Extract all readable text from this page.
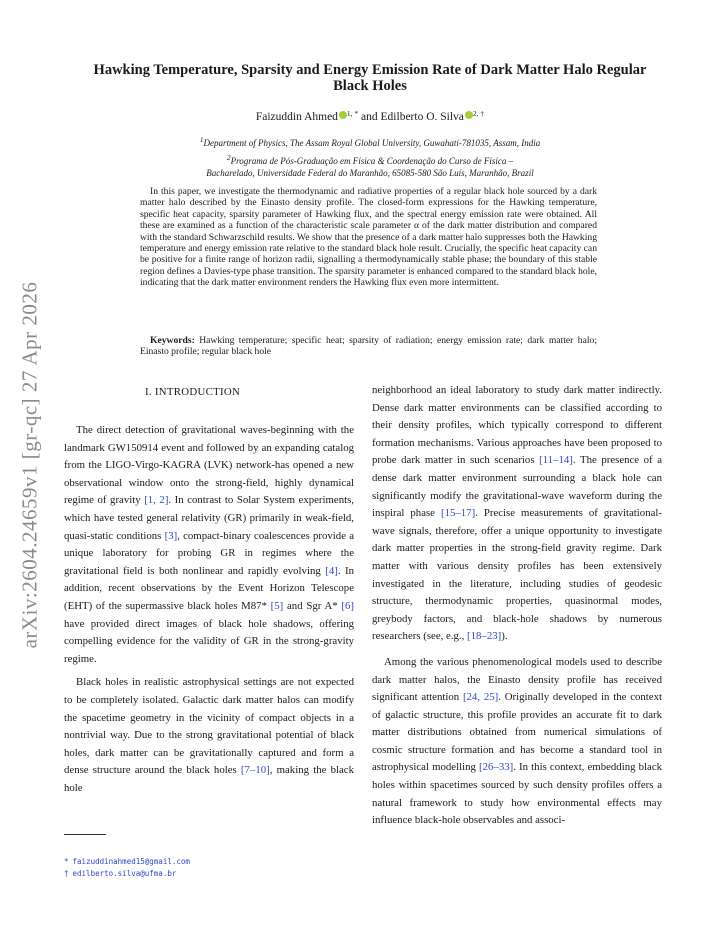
arXiv:2604.24659v1 [gr-qc] 27 Apr 2026
Hawking Temperature, Sparsity and Energy Emission Rate of Dark Matter Halo Regular Black Holes
Faizuddin Ahmed $^{1, *}$ and Edilberto O. Silva $^{2, \dagger}$
$^1$Department of Physics, The Assam Royal Global University, Guwahati-781035, Assam, India
$^2$Programa de Pós-Graduação em Física & Coordenação do Curso de Física –
Bacharelado, Universidade Federal do Maranhão, 65085-580 São Luís, Maranhão, Brazil
In this paper, we investigate the thermodynamic and radiative properties of a regular black hole sourced by a dark matter halo described by the Einasto density profile. The closed-form expressions for the Hawking temperature, specific heat capacity, sparsity parameter of Hawking flux, and the spectral energy emission rate were obtained. All these are examined as a function of the characteristic scale parameter α of the dark matter distribution and compared with the standard Schwarzschild results. We show that the presence of a dark matter halo suppresses both the Hawking temperature and energy emission rate relative to the standard black hole result. Crucially, the specific heat capacity can be positive for a finite range of horizon radii, signalling a thermodynamically stable phase; the boundary of this stable region defines a Davies-type phase transition. The sparsity parameter is enhanced compared to the standard black hole, indicating that the dark matter environment renders the Hawking flux even more intermittent.
Keywords: Hawking temperature; specific heat; sparsity of radiation; energy emission rate; dark matter halo; Einasto profile; regular black hole
I. INTRODUCTION

The direct detection of gravitational waves-beginning with the landmark GW150914 event and followed by an expanding catalog from the LIGO-Virgo-KAGRA (LVK) network-has opened a new observational window onto the strong-field, highly dynamical regime of gravity [1, 2]. In contrast to Solar System experiments, which have tested general relativity (GR) primarily in weak-field, quasi-static conditions [3], compact-binary coalescences provide a unique laboratory for probing GR in regimes where the gravitational field is both nonlinear and rapidly evolving [4]. In addition, recent observations by the Event Horizon Telescope (EHT) of the supermassive black holes M87* [5] and Sgr A* [6] have provided direct images of black hole shadows, offering compelling evidence for the validity of GR in the strong-gravity regime.

Black holes in realistic astrophysical settings are not expected to be completely isolated. Galactic dark matter halos can modify the spacetime geometry in the vicinity of compact objects in a nontrivial way. Due to the strong gravitational potential of black holes, dark matter can be gravitationally captured and form a dense structure around the black holes [7–10], making the black hole

neighborhood an ideal laboratory to study dark matter indirectly. Dense dark matter environments can be classified according to their density profiles, which typically correspond to different formation mechanisms. Various approaches have been proposed to probe dark matter in such scenarios [11–14]. The presence of a dense dark matter environment surrounding a black hole can significantly modify the gravitational-wave waveform during the inspiral phase [15–17]. Precise measurements of gravitational-wave signals, therefore, offer a unique opportunity to investigate dark matter properties in the strong-field gravity regime. Dark matter with various density profiles has been extensively investigated in the literature, including studies of geodesic structure, thermodynamic properties, quasinormal modes, greybody factors, and black-hole shadows by numerous researchers (see, e.g., [18–23]).

Among the various phenomenological models used to describe dark matter halos, the Einasto density profile has received significant attention [24, 25]. Originally developed in the context of galactic structure, this profile provides an accurate fit to dark matter distributions obtained from numerical simulations of cosmic structure formation and has become a standard tool in astrophysical modelling [26–33]. In this context, embedding black holes within spacetimes sourced by such density profiles offers a natural framework to study how environmental effects may influence black-hole observables and associ-

* faizuddinahmed15@gmail.com
† edilberto.silva@ufma.br
